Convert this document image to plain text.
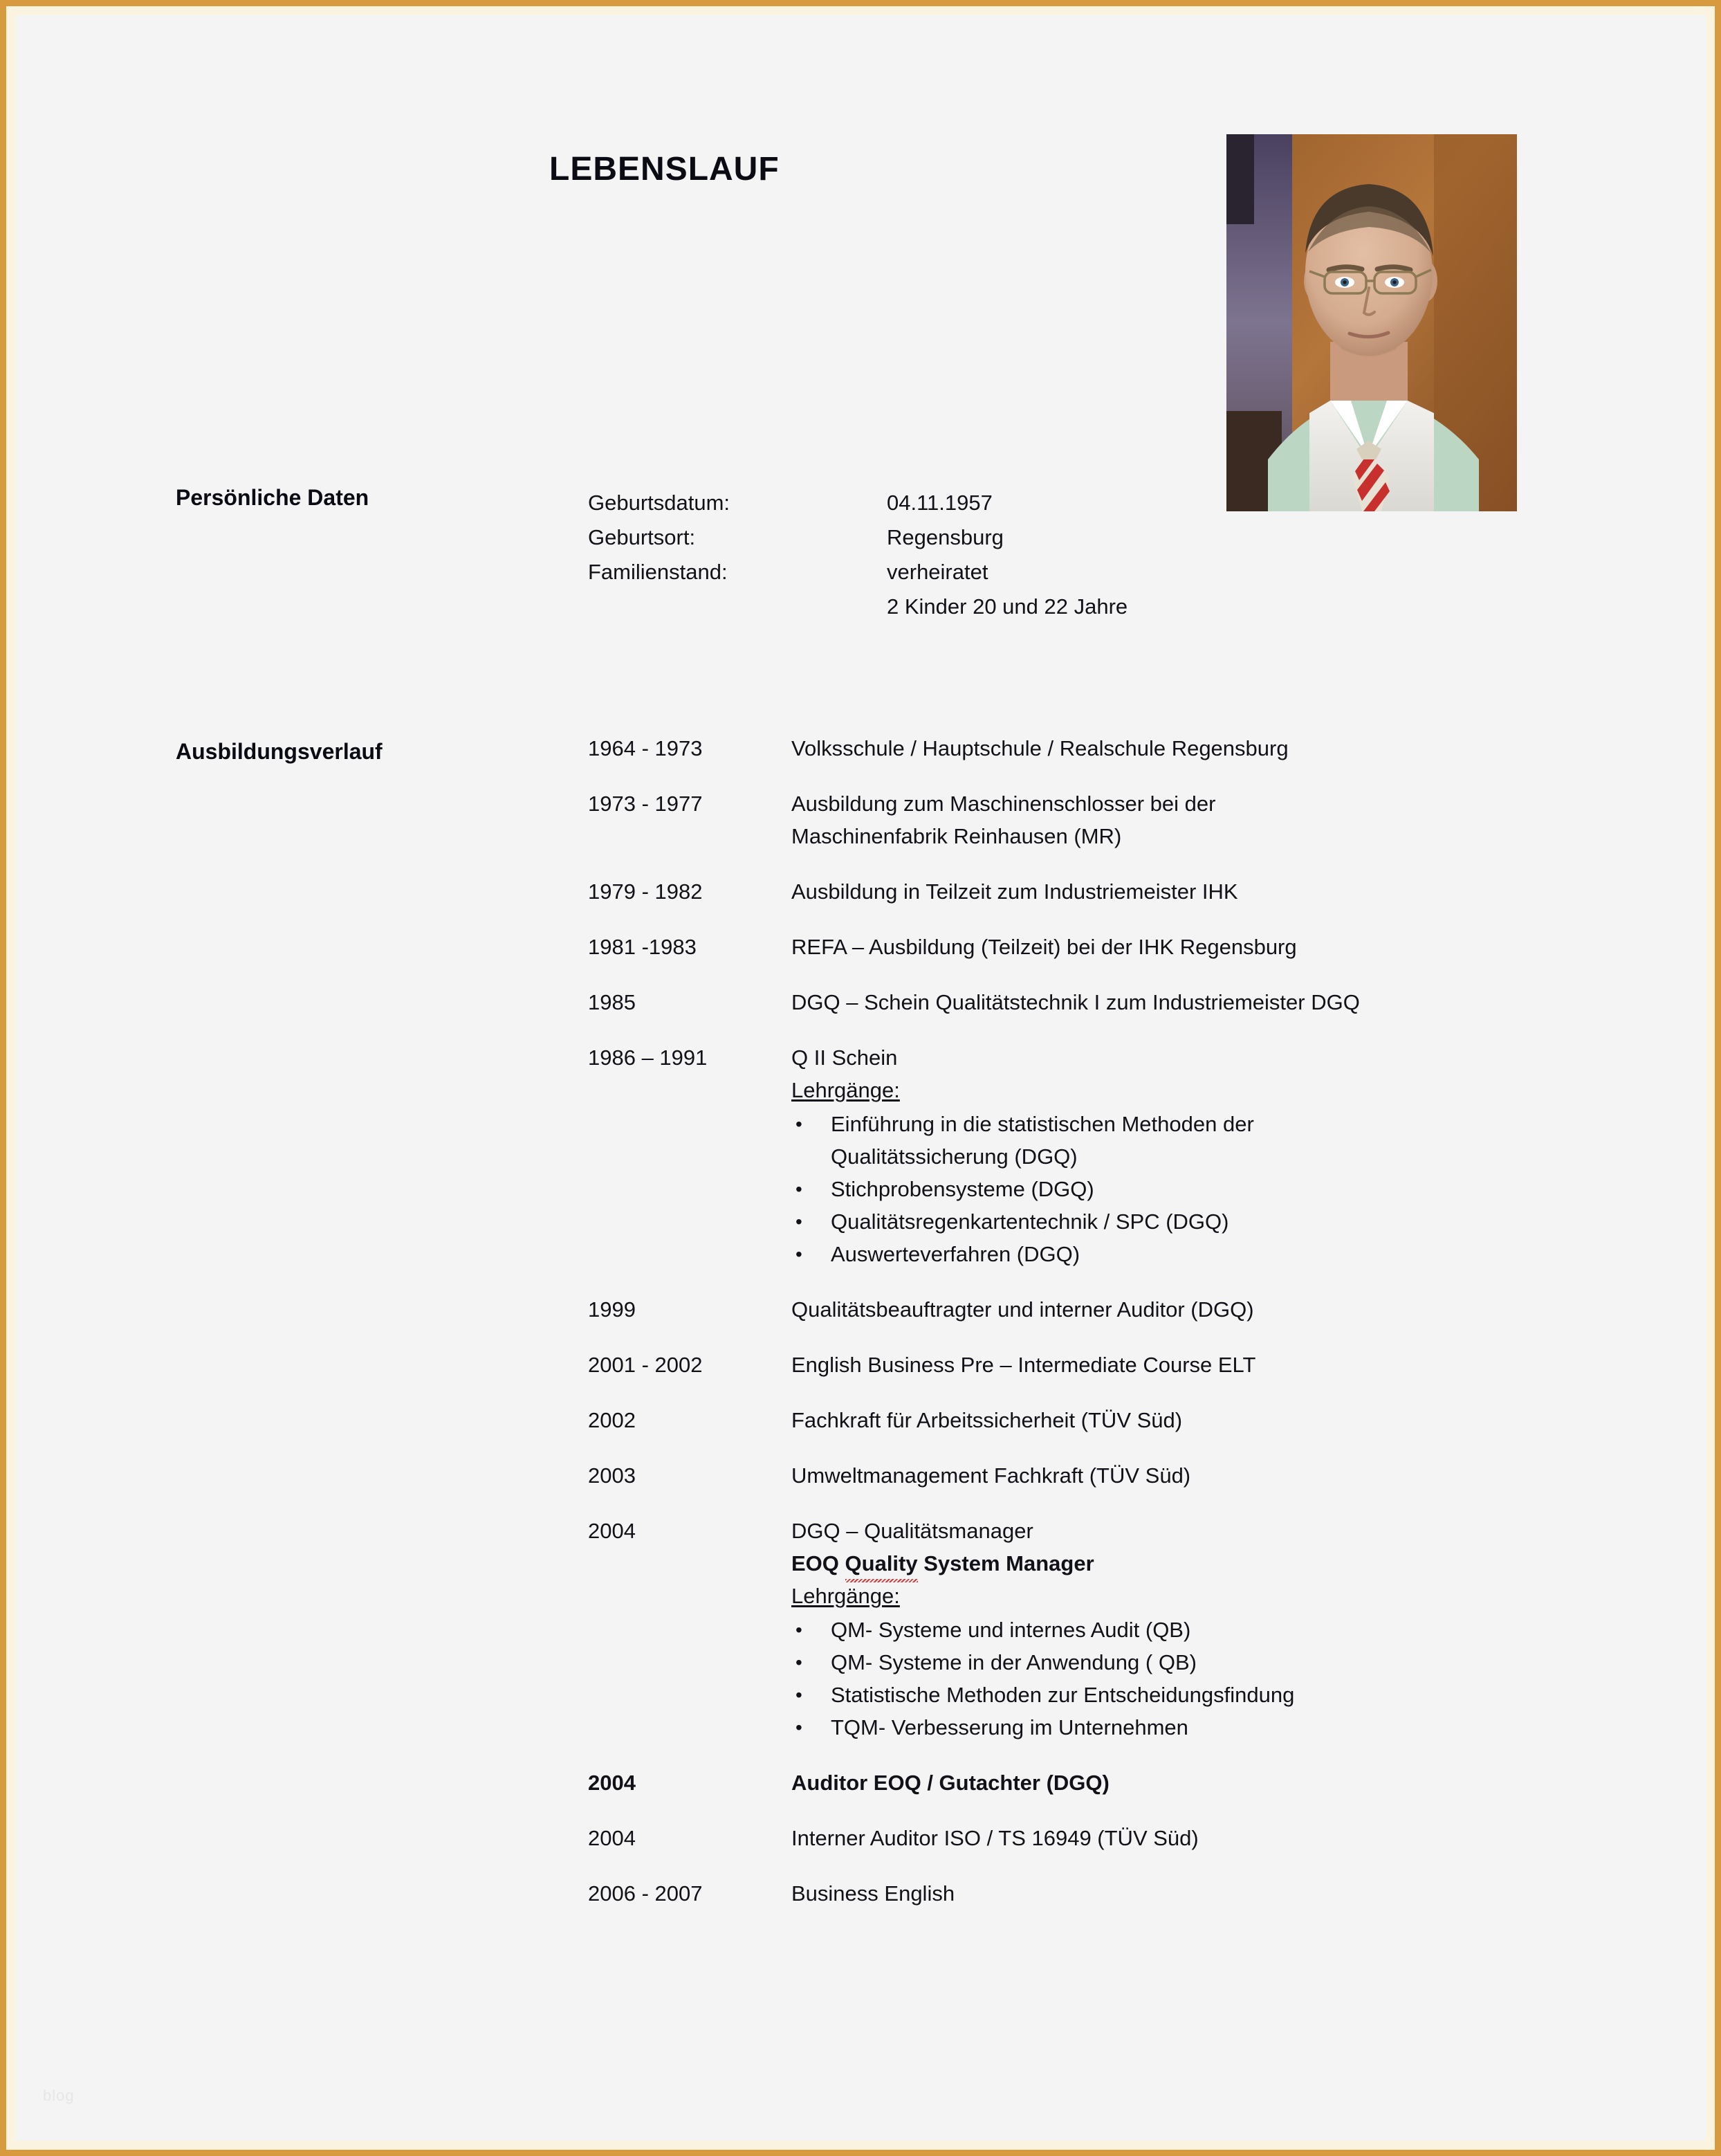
LEBENSLAUF
Persönliche Daten	Geburtsdatum:	04.11.1957
Geburtsort:	Regensburg
Familienstand:	verheiratet
2 Kinder 20 und 22 Jahre
Ausbildungsverlauf	1964 - 1973	Volksschule / Hauptschule / Realschule Regensburg
1973 - 1977	Ausbildung zum Maschinenschlosser bei der
Maschinenfabrik Reinhausen (MR)
1979 - 1982	Ausbildung in Teilzeit zum Industriemeister IHK
1981 -1983	REFA – Ausbildung (Teilzeit) bei der IHK Regensburg
1985	DGQ – Schein Qualitätstechnik I zum Industriemeister DGQ
1986 – 1991	Q II Schein
Lehrgänge:
• Einführung in die statistischen Methoden der
Qualitätssicherung (DGQ)
• Stichprobensysteme (DGQ)
• Qualitätsregenkartentechnik / SPC (DGQ)
• Auswerteverfahren (DGQ)
1999	Qualitätsbeauftragter und interner Auditor (DGQ)
2001 - 2002	English Business Pre – Intermediate Course ELT
2002	Fachkraft für Arbeitssicherheit (TÜV Süd)
2003	Umweltmanagement Fachkraft (TÜV Süd)
2004	DGQ – Qualitätsmanager
EOQ Quality System Manager
Lehrgänge:
• QM- Systeme und internes Audit (QB)
• QM- Systeme in der Anwendung ( QB)
• Statistische Methoden zur Entscheidungsfindung
• TQM- Verbesserung im Unternehmen
2004	Auditor EOQ / Gutachter (DGQ)
2004	Interner Auditor ISO / TS 16949 (TÜV Süd)
2006 - 2007	Business English
blog
